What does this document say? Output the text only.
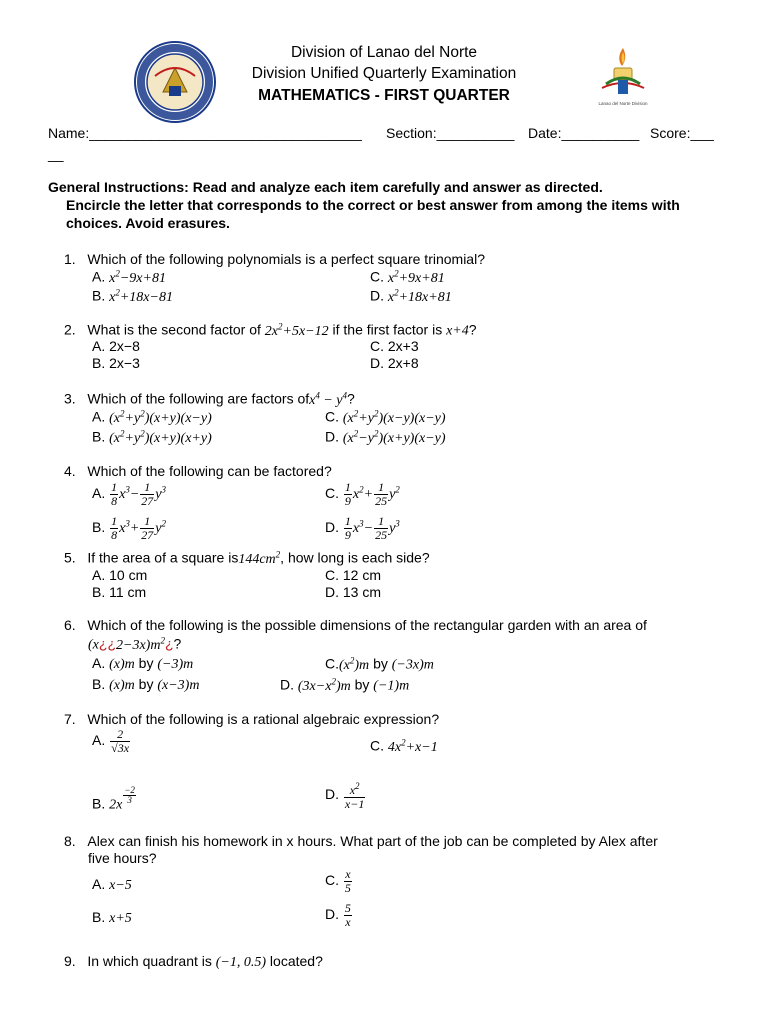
Lanao del Norte Division
Division of Lanao del Norte
Division Unified Quarterly Examination
MATHEMATICS - FIRST QUARTER
Name:___________________________________ Section:__________ Date:__________ Score:___
__
General Instructions: Read and analyze each item carefully and answer as directed.
Encircle the letter that corresponds to the correct or best answer from among the items with choices. Avoid erasures.
1. Which of the following polynomials is a perfect square trinomial?
A. $x^2-9x+81$
B. $x^2+18x-81$
C. $x^2+9x+81$
D. $x^2+18x+81$
2. What is the second factor of $2x^2+5x-12$ if the first factor is x+4?
A. 2x−8
B. 2x−3
C. 2x+3
D. 2x+8
3. Which of the following are factors $ofx^4 - y^4$?
A. $(x^2+y^2)(x+y)(x-y)$
B. $(x^2+y^2)(x+y)(x+y)$
C. $(x^2+y^2)(x-y)(x-y)$
D. $(x^2-y^2)(x+y)(x-y)$
4. Which of the following can be factored?
A. $\frac{1}{8} x^3- \frac{1}{27} y^3$
B. $\frac{1}{8} x^3+ \frac{1}{27} y^2$
C. $\frac{1}{9} x^2+ \frac{1}{25} y^2$
D. $\frac{1}{9} x^3- \frac{1}{25} y^3$
5. If the area of a square $is144cm^2$, how long is each side?
A. 10 cm
B. 11 cm
C. 12 cm
D. 13 cm
6. Which of the following is the possible dimensions of the rectangular garden with an area of
$(x¿¿2-3x)m^2¿$?
A. (x)m by (−3)m
B. (x)m by (x−3)m
$C.(x^2)m$ by (−3x)m
D. $(3x-x^2)m$ by (−1)m
7. Which of the following is a rational algebraic expression?
A. $\frac{2}{√3x}$
B. 2x
$\frac{-2}{3}$
C. $4x^2+x-1$
D. $\frac{x^2}{x-1}$
8. Alex can finish his homework in x hours. What part of the job can be completed by Alex after
five hours?
A. x−5
B. x+5
C. $\frac{x}{5}$
D. $\frac{5}{x}$
9. In which quadrant is (−1, 0.5) located?
